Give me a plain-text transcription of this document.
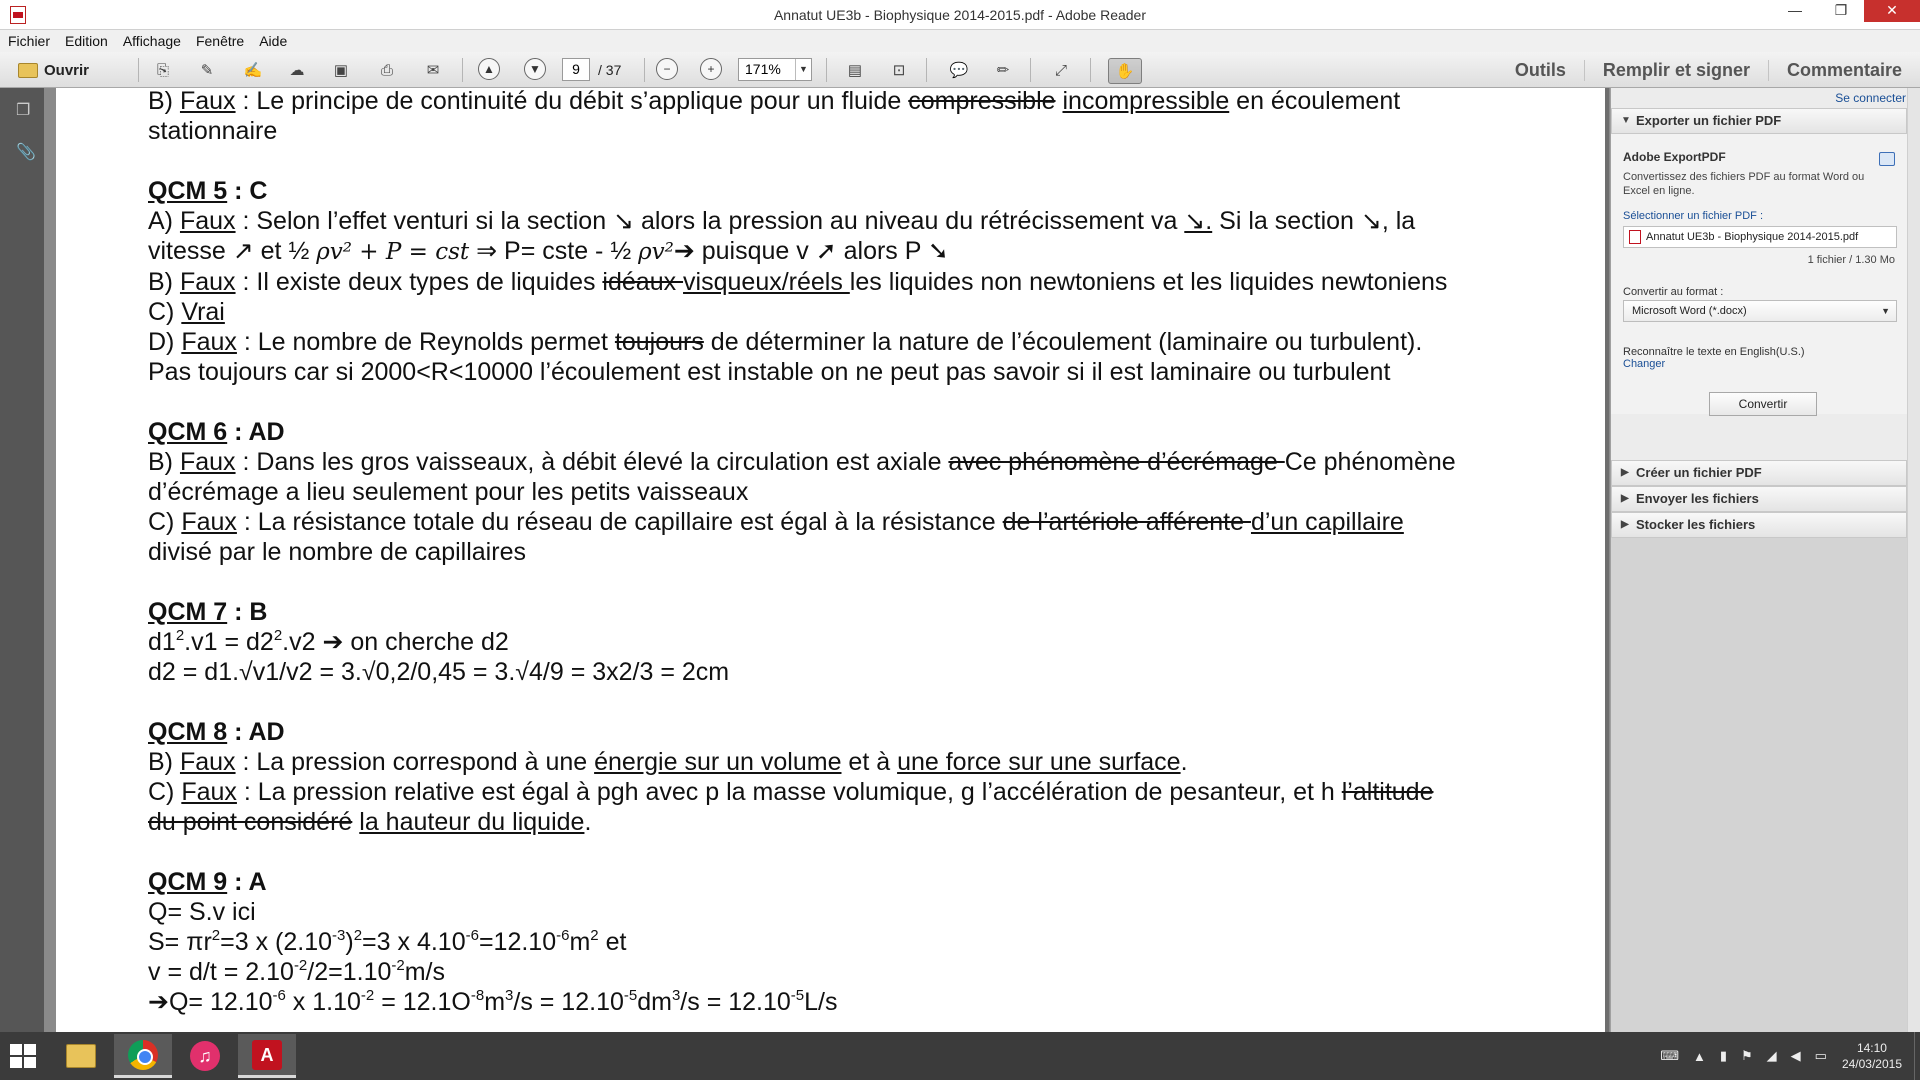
Annatut UE3b - Biophysique 2014-2015.pdf - Adobe Reader	—	❐	✕
Fichier Edition Affichage Fenêtre Aide
Ouvrir	⎘	✎	✍	☁	▣	⎙	✉	▲	▼	9	/ 37	−	+	171%	▼	▤	⊡	💬	✏	⤢	✋	Outils	Remplir et signer	Commentaire
❐
📎

B) Faux : Le principe de continuité du débit s’applique pour un fluide compressible incompressible en écoulement

stationnaire

QCM 5 : C

A) Faux : Selon l’effet venturi si la section ↘ alors la pression au niveau du rétrécissement va ↘. Si la section ↘, la

vitesse ↗ et ½ ρv² + P = cst ⇒ P= cste - ½ ρv²➔ puisque v ➚ alors P ➘

B) Faux : Il existe deux types de liquides idéaux visqueux/réels les liquides non newtoniens et les liquides newtoniens

C) Vrai

D) Faux : Le nombre de Reynolds permet toujours de déterminer la nature de l’écoulement (laminaire ou turbulent).

Pas toujours car si 2000<R<10000 l’écoulement est instable on ne peut pas savoir si il est laminaire ou turbulent

QCM 6 : AD

B) Faux : Dans les gros vaisseaux, à débit élevé la circulation est axiale avec phénomène d’écrémage Ce phénomène

d’écrémage a lieu seulement pour les petits vaisseaux

C) Faux : La résistance totale du réseau de capillaire est égal à la résistance de l’artériole afférente d’un capillaire

divisé par le nombre de capillaires

QCM 7 : B

$d1^2.v1 = d2^2.v2$ ➔ on cherche d2

d2 = d1.√v1/v2 = 3.√0,2/0,45 = 3.√4/9 = 3x2/3 = 2cm

QCM 8 : AD

B) Faux : La pression correspond à une énergie sur un volume et à une force sur une surface.

C) Faux : La pression relative est égal à pgh avec p la masse volumique, g l’accélération de pesanteur, et h l’altitude

du point considéré la hauteur du liquide.

QCM 9 : A

Q= S.v ici

$S= \pi r^2=3$ x $(2.10^{-3})^2=3$ x $4.10^{-6}=12.10^{-6}m^2$ et

$v = d/t = 2.10^{-2}/2=1.10^{-2}m/s$

➔Q= $12.10^{-6}$ x $1.10^{-2} = 12.1O^{-8}m^3/s = 12.10^{-5}dm^3/s = 12.10^{-5}L/s$

Se connecter
▼ Exporter un fichier PDF
Adobe ExportPDF
Convertissez des fichiers PDF au format Word ou Excel en ligne.
Sélectionner un fichier PDF :
Annatut UE3b - Biophysique 2014-2015.pdf
1 fichier / 1.30 Mo
Convertir au format :
Microsoft Word (*.docx)	▼
Reconnaître le texte en English(U.S.)
Changer
Convertir
▶ Créer un fichier PDF
▶ Envoyer les fichiers
▶ Stocker les fichiers
♫	A	⌨	▲	▮	⚑	◢	◀	▭	14:10
24/03/2015
